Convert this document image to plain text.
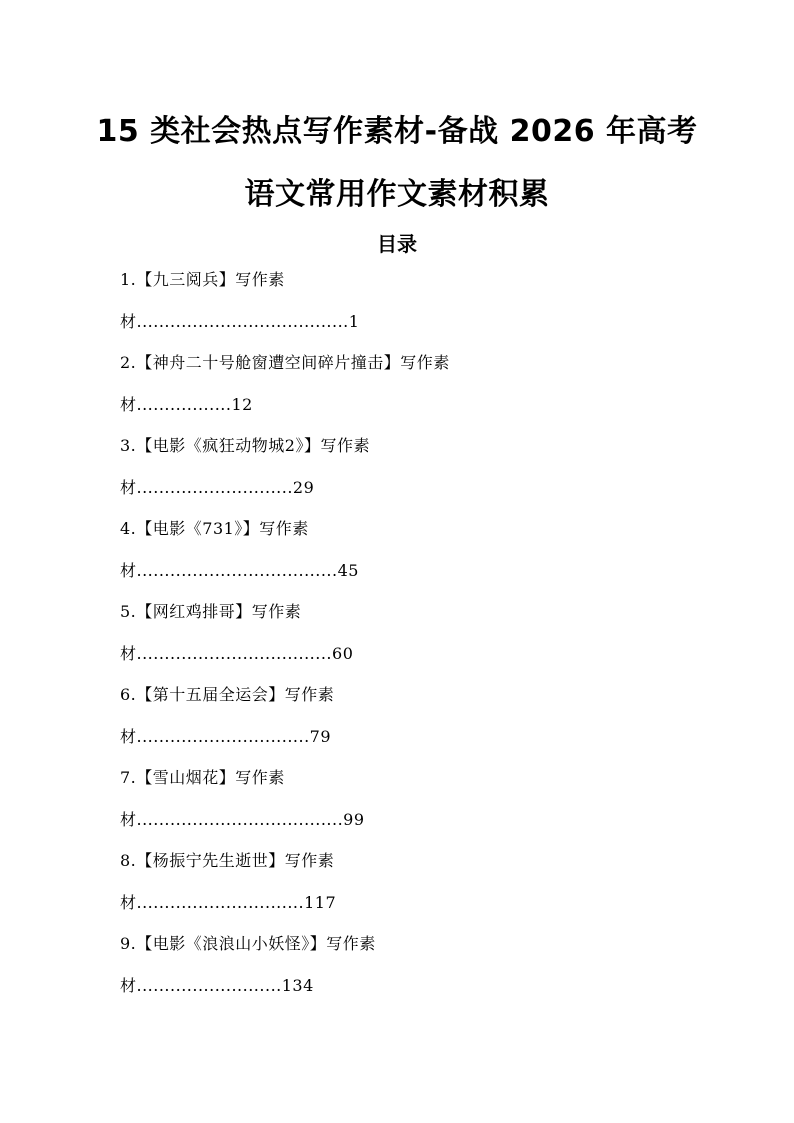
15 类社会热点写作素材-备战 2026 年高考
语文常用作文素材积累
目录
1.【九三阅兵】写作素
材......................................1
2.【神舟二十号舱窗遭空间碎片撞击】写作素
材.................12
3.【电影《疯狂动物城2》】写作素
材............................29
4.【电影《731》】写作素
材....................................45
5.【网红鸡排哥】写作素
材...................................60
6.【第十五届全运会】写作素
材...............................79
7.【雪山烟花】写作素
材.....................................99
8.【杨振宁先生逝世】写作素
材..............................117
9.【电影《浪浪山小妖怪》】写作素
材..........................134
